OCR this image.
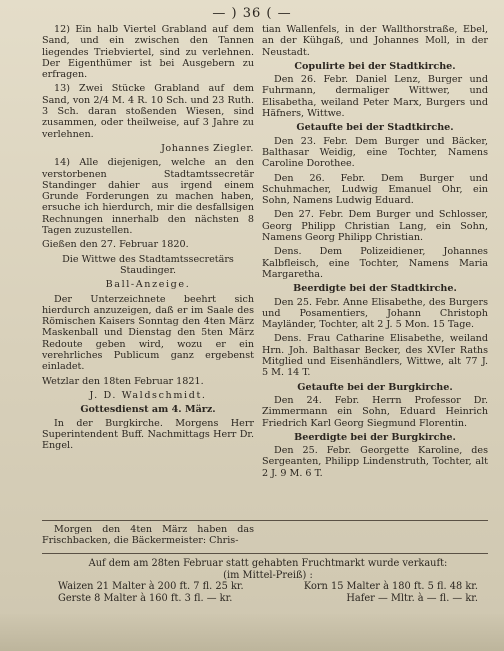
— ) 36 ( —

12) Ein halb Viertel Grabland auf dem Sand, und ein zwischen den Tannen liegendes Triebviertel, sind zu verlehnen. Der Eigenthümer ist bei Ausgebern zu erfragen.

13) Zwei Stücke Grabland auf dem Sand, von 2/4 M. 4 R. 10 Sch. und 23 Ruth. 3 Sch. daran stoßenden Wiesen, sind zusammen, oder theilweise, auf 3 Jahre zu verlehnen.

Johannes Ziegler.

14) Alle diejenigen, welche an den verstorbenen Stadtamtssecretär Standinger dahier aus irgend einem Grunde Forderungen zu machen haben, ersuche ich hierdurch, mir die desfallsigen Rechnungen innerhalb den nächsten 8 Tagen zuzustellen.

Gießen den 27. Februar 1820.

Die Wittwe des Stadtamtssecretärs Staudinger.

Ball-Anzeige.

Der Unterzeichnete beehrt sich hierdurch anzuzeigen, daß er im Saale des Römischen Kaisers Sonntag den 4ten März Maskenball und Dienstag den 5ten März Redoute geben wird, wozu er ein verehrliches Publicum ganz ergebenst einladet.

Wetzlar den 18ten Februar 1821.

J. D. Waldschmidt.

Gottesdienst am 4. März.

In der Burgkirche. Morgens Herr Superintendent Buff. Nachmittags Herr Dr. Engel.

tian Wallenfels, in der Wallthorstraße, Ebel, an der Kühgaß, und Johannes Moll, in der Neustadt.

Copulirte bei der Stadtkirche.

Den 26. Febr. Daniel Lenz, Burger und Fuhrmann, dermaliger Wittwer, und Elisabetha, weiland Peter Marx, Burgers und Häfners, Wittwe.

Getaufte bei der Stadtkirche.

Den 23. Febr. Dem Burger und Bäcker, Balthasar Weidig, eine Tochter, Namens Caroline Dorothee.

Den 26. Febr. Dem Burger und Schuhmacher, Ludwig Emanuel Ohr, ein Sohn, Namens Ludwig Eduard.

Den 27. Febr. Dem Burger und Schlosser, Georg Philipp Christian Lang, ein Sohn, Namens Georg Philipp Christian.

Dens. Dem Polizeidiener, Johannes Kalbfleisch, eine Tochter, Namens Maria Margaretha.

Beerdigte bei der Stadtkirche.

Den 25. Febr. Anne Elisabethe, des Burgers und Posamentiers, Johann Christoph Mayländer, Tochter, alt 2 J. 5 Mon. 15 Tage.

Dens. Frau Catharine Elisabethe, weiland Hrn. Joh. Balthasar Becker, des XVIer Raths Mitglied und Eisenhändlers, Wittwe, alt 77 J. 5 M. 14 T.

Getaufte bei der Burgkirche.

Den 24. Febr. Herrn Professor Dr. Zimmermann ein Sohn, Eduard Heinrich Friedrich Karl Georg Siegmund Florentin.

Beerdigte bei der Burgkirche.

Den 25. Febr. Georgette Karoline, des Sergeanten, Philipp Lindenstruth, Tochter, alt 2 J. 9 M. 6 T.

Morgen den 4ten März haben das Frischbacken, die Bäckermeister: Chris-

Auf dem am 28ten Februar statt gehabten Fruchtmarkt wurde verkauft:
(im Mittel-Preiß) :
Waizen 21 Malter à 200 ft. 7 fl. 25 kr.	Korn 15 Malter à 180 ft. 5 fl. 48 kr.
Gerste 8 Malter à 160 ft. 3 fl. — kr.	Hafer — Mltr. à — fl. — kr.
